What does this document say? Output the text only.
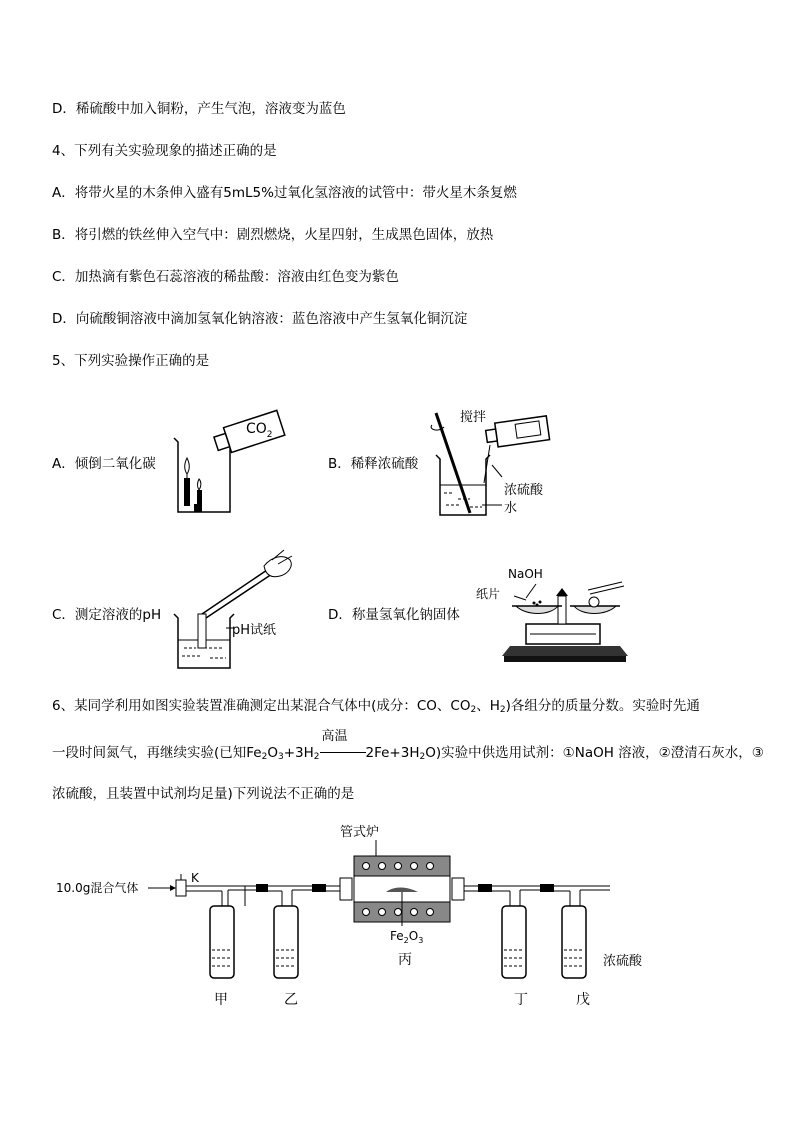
D．稀硫酸中加入铜粉，产生气泡，溶液变为蓝色
4、下列有关实验现象的描述正确的是
A．将带火星的木条伸入盛有5mL5%过氧化氢溶液的试管中：带火星木条复燃
B．将引燃的铁丝伸入空气中：剧烈燃烧，火星四射，生成黑色固体，放热
C．加热滴有紫色石蕊溶液的稀盐酸：溶液由红色变为紫色
D．向硫酸铜溶液中滴加氢氧化钠溶液：蓝色溶液中产生氢氧化铜沉淀
5、下列实验操作正确的是
A．倾倒二氧化碳
$CO_2$
B．稀释浓硫酸
搅拌
浓硫酸
水
C．测定溶液的pH
pH试纸
D．称量氢氧化钠固体
NaOH
纸片
6、某同学利用如图实验装置准确测定出某混合气体中(成分：CO、$CO_2$、$H_2$)各组分的质量分数。实验时先通
一段时间氮气，再继续实验(已知$Fe_2O_3+3H_2$
高温
$2Fe+3H_2O$)实验中供选用试剂：①NaOH 溶液，②澄清石灰水，③
浓硫酸，且装置中试剂均足量)下列说法不正确的是
10.0g混合气体
K
管式炉
$Fe_2O_3$
浓硫酸
甲	乙
丙
丁	戊
